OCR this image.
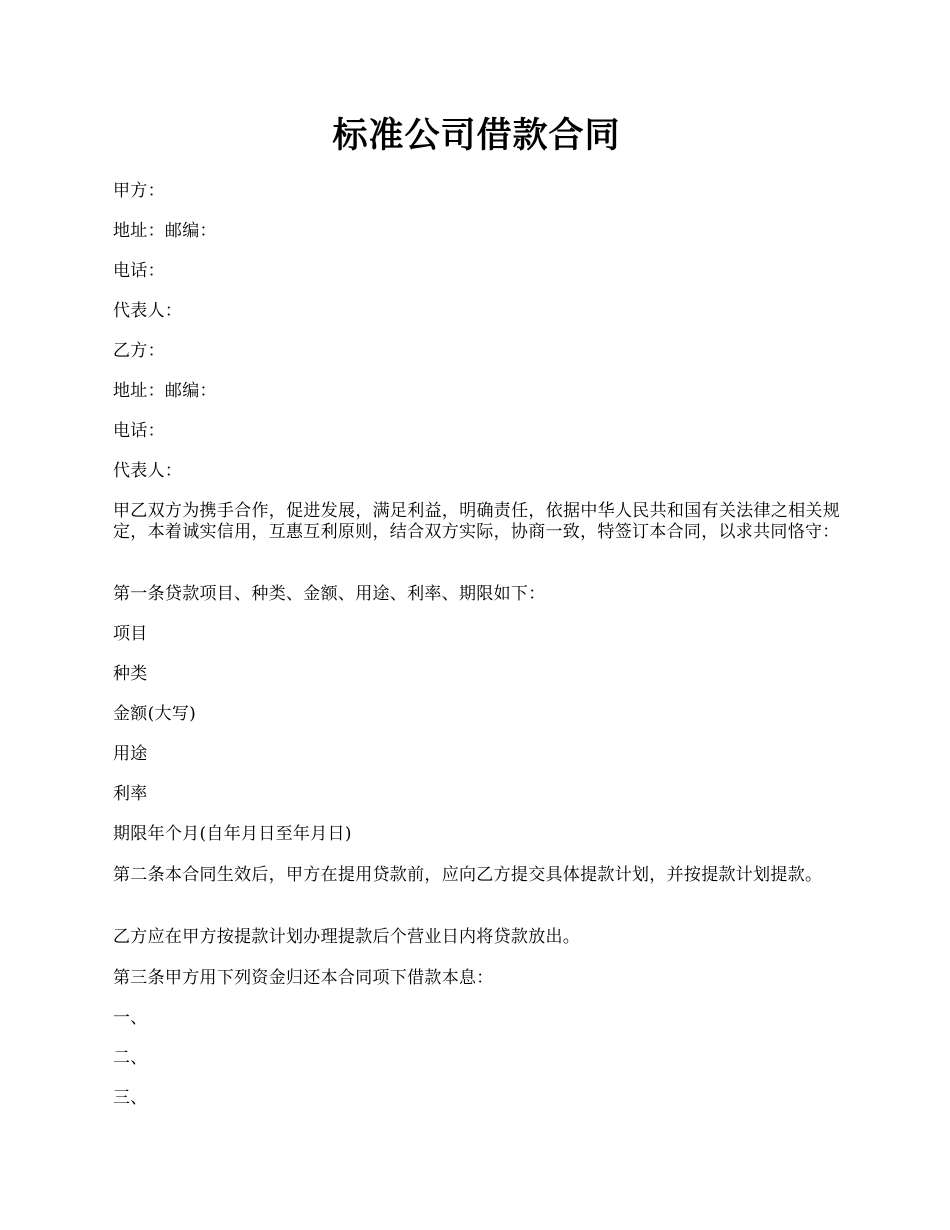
标准公司借款合同

甲方：

地址：邮编：

电话：

代表人：

乙方：

地址：邮编：

电话：

代表人：

甲乙双方为携手合作，促进发展，满足利益，明确责任，依据中华人民共和国有关法律之相关规定，本着诚实信用，互惠互利原则，结合双方实际，协商一致，特签订本合同，以求共同恪守：

第一条贷款项目、种类、金额、用途、利率、期限如下：

项目

种类

金额(大写)

用途

利率

期限年个月(自年月日至年月日)

第二条本合同生效后，甲方在提用贷款前，应向乙方提交具体提款计划，并按提款计划提款。

乙方应在甲方按提款计划办理提款后个营业日内将贷款放出。

第三条甲方用下列资金归还本合同项下借款本息：

一、

二、

三、
